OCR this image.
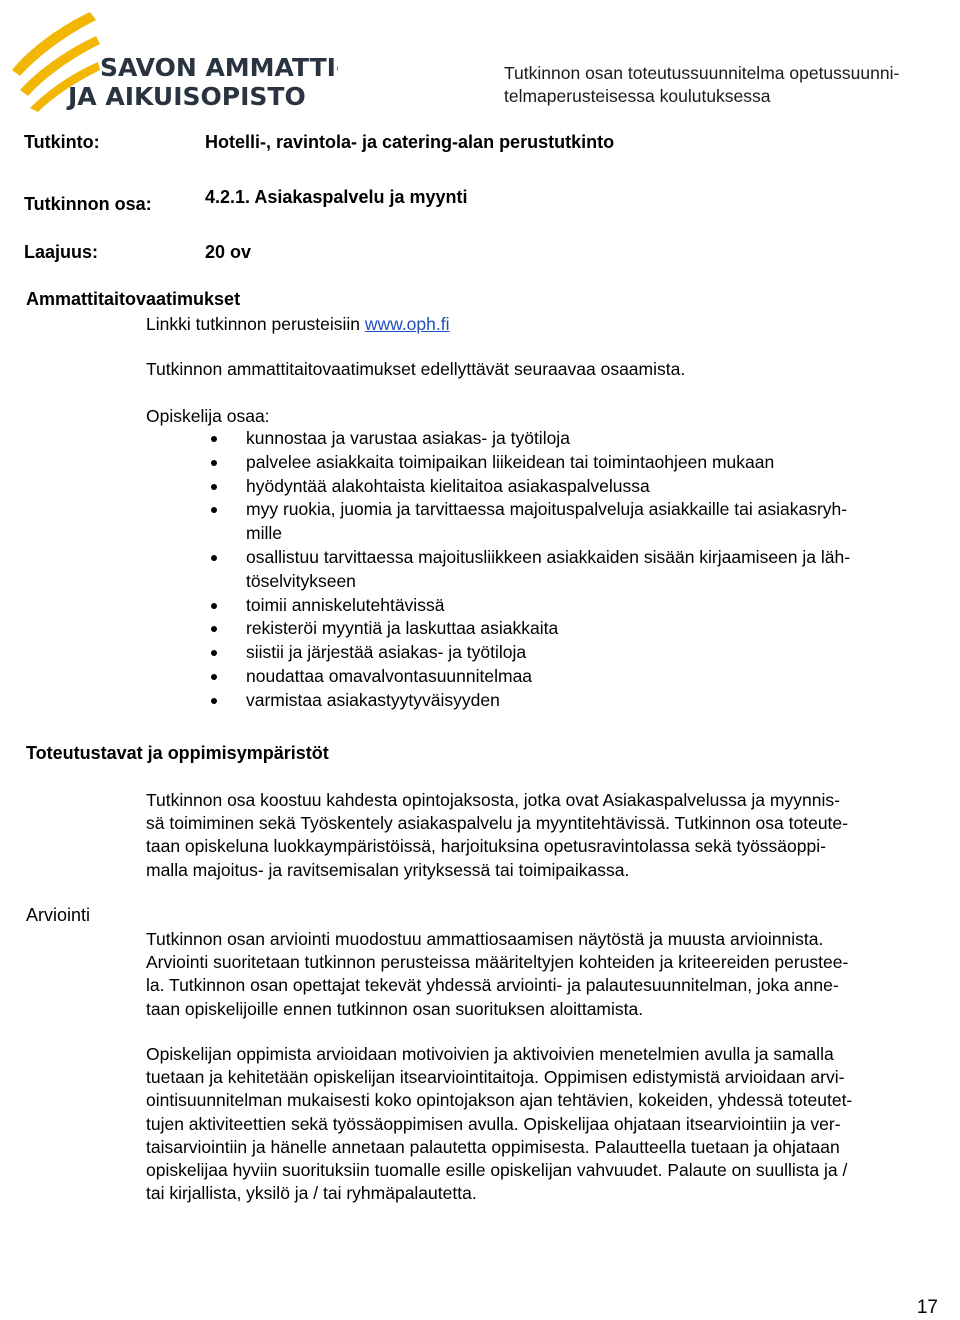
SAVON AMMATTI-
JA AIKUISOPISTO
Tutkinnon osan toteutussuunnitelma opetussuunni-
telmaperusteisessa koulutuksessa
Tutkinto:	Hotelli-, ravintola- ja catering-alan perustutkinto
Tutkinnon osa:	4.2.1. Asiakaspalvelu ja myynti
Laajuus:	20 ov
Ammattitaitovaatimukset
Linkki tutkinnon perusteisiin www.oph.fi
Tutkinnon ammattitaitovaatimukset edellyttävät seuraavaa osaamista.
Opiskelija osaa:
kunnostaa ja varustaa asiakas- ja työtiloja
palvelee asiakkaita toimipaikan liikeidean tai toimintaohjeen mukaan
hyödyntää alakohtaista kielitaitoa asiakaspalvelussa
myy ruokia, juomia ja tarvittaessa majoituspalveluja asiakkaille tai asiakasryh-
mille
osallistuu tarvittaessa majoitusliikkeen asiakkaiden sisään kirjaamiseen ja läh-
töselvitykseen
toimii anniskelutehtävissä
rekisteröi myyntiä ja laskuttaa asiakkaita
siistii ja järjestää asiakas- ja työtiloja
noudattaa omavalvontasuunnitelmaa
varmistaa asiakastyytyväisyyden
Toteutustavat ja oppimisympäristöt
Tutkinnon osa koostuu kahdesta opintojaksosta, jotka ovat Asiakaspalvelussa ja myynnis-
sä toimiminen sekä Työskentely asiakaspalvelu ja myyntitehtävissä. Tutkinnon osa toteute-
taan opiskeluna luokkaympäristöissä, harjoituksina opetusravintolassa sekä työssäoppi-
malla majoitus- ja ravitsemisalan yrityksessä tai toimipaikassa.
Arviointi
Tutkinnon osan arviointi muodostuu ammattiosaamisen näytöstä ja muusta arvioinnista.
Arviointi suoritetaan tutkinnon perusteissa määriteltyjen kohteiden ja kriteereiden perustee-
la. Tutkinnon osan opettajat tekevät yhdessä arviointi- ja palautesuunnitelman, joka anne-
taan opiskelijoille ennen tutkinnon osan suorituksen aloittamista.
Opiskelijan oppimista arvioidaan motivoivien ja aktivoivien menetelmien avulla ja samalla
tuetaan ja kehitetään opiskelijan itsearviointitaitoja. Oppimisen edistymistä arvioidaan arvi-
ointisuunnitelman mukaisesti koko opintojakson ajan tehtävien, kokeiden, yhdessä toteutet-
tujen aktiviteettien sekä työssäoppimisen avulla. Opiskelijaa ohjataan itsearviointiin ja ver-
taisarviointiin ja hänelle annetaan palautetta oppimisesta. Palautteella tuetaan ja ohjataan
opiskelijaa hyviin suorituksiin tuomalle esille opiskelijan vahvuudet. Palaute on suullista ja /
tai kirjallista, yksilö ja / tai ryhmäpalautetta.
17
